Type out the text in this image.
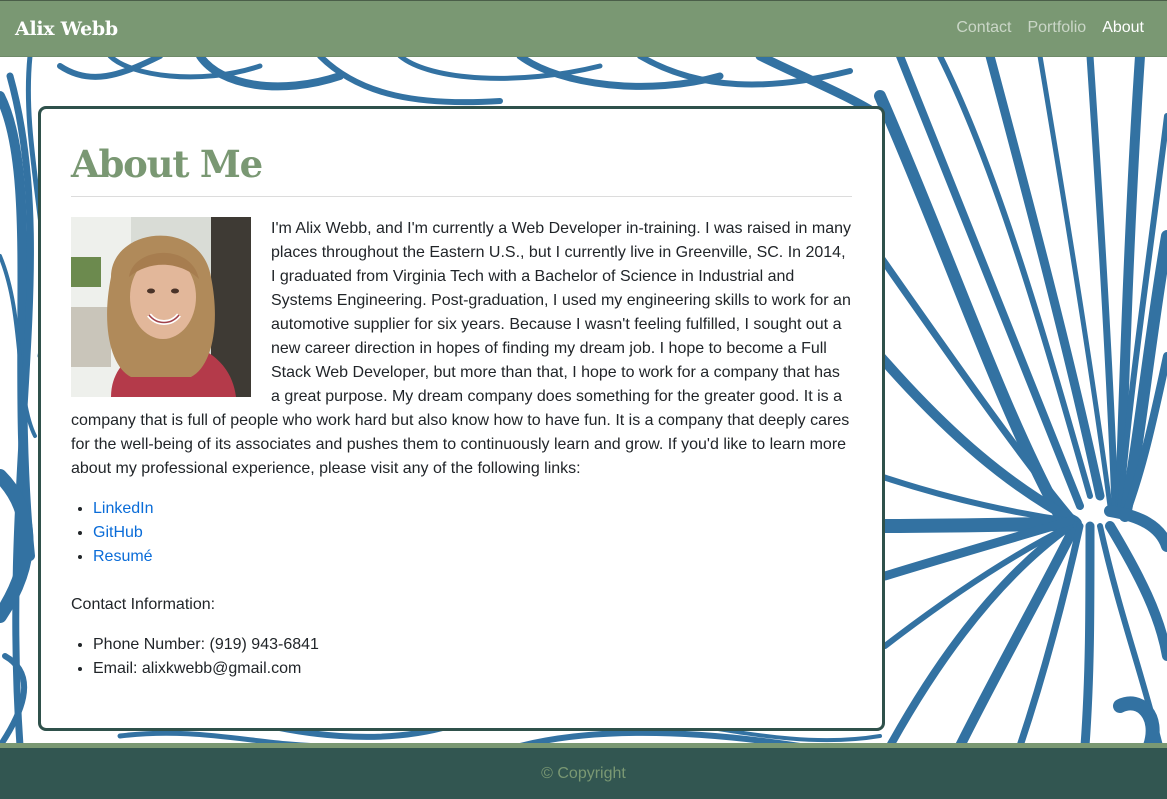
Alix Webb	Contact Portfolio About
About Me
I'm Alix Webb, and I'm currently a Web Developer in-training. I was raised in many places throughout the Eastern U.S., but I currently live in Greenville, SC. In 2014, I graduated from Virginia Tech with a Bachelor of Science in Industrial and Systems Engineering. Post-graduation, I used my engineering skills to work for an automotive supplier for six years. Because I wasn't feeling fulfilled, I sought out a new career direction in hopes of finding my dream job. I hope to become a Full Stack Web Developer, but more than that, I hope to work for a company that has a great purpose. My dream company does something for the greater good. It is a company that is full of people who work hard but also know how to have fun. It is a company that deeply cares for the well-being of its associates and pushes them to continuously learn and grow. If you'd like to learn more about my professional experience, please visit any of the following links:
• LinkedIn
• GitHub
• Resumé

Contact Information:

• Phone Number: (919) 943-6841
• Email: alixkwebb@gmail.com
© Copyright
